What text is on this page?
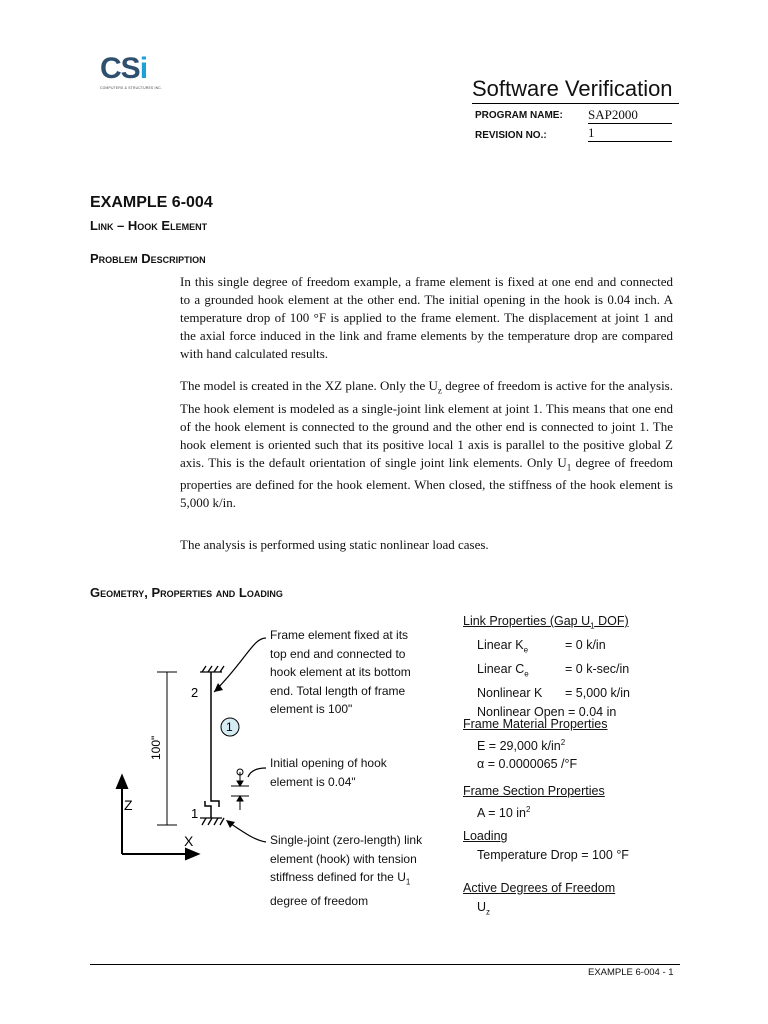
CSi
COMPUTERS & STRUCTURES INC.	Software Verification
PROGRAM NAME: SAP2000
REVISION NO.:	1
EXAMPLE 6-004
Link – Hook Element
Problem Description
In this single degree of freedom example, a frame element is fixed at one end and connected to a grounded hook element at the other end. The initial opening in the hook is 0.04 inch. A temperature drop of 100 °F is applied to the frame element. The displacement at joint 1 and the axial force induced in the link and frame elements by the temperature drop are compared with hand calculated results.
The model is created in the XZ plane. Only the $U_z$ degree of freedom is active for the analysis. The hook element is modeled as a single-joint link element at joint 1. This means that one end of the hook element is connected to the ground and the other end is connected to joint 1. The hook element is oriented such that its positive local 1 axis is parallel to the positive global Z axis. This is the default orientation of single joint link elements. Only $U_1$ degree of freedom properties are defined for the hook element. When closed, the stiffness of the hook element is 5,000 k/in.
The analysis is performed using static nonlinear load cases.
Geometry, Properties and Loading
100"
1
2
1
Z
X
Frame element fixed at its
top end and connected to
hook element at its bottom
end. Total length of frame
element is 100"
Initial opening of hook
element is 0.04"
Single-joint (zero-length) link
element (hook) with tension
stiffness defined for the $U_1$
degree of freedom
Link Properties (Gap $U_1$ DOF)
Linear $K_e$	= 0 k/in
Linear $C_e$	= 0 k-sec/in
Nonlinear K = 5,000 k/in
Nonlinear Open = 0.04 in
Frame Material Properties
E = 29,000 $k/in^2$
α = 0.0000065 /°F
Frame Section Properties
A = 10 $in^2$
Loading
Temperature Drop = 100 °F
Active Degrees of Freedom
$U_z$
EXAMPLE 6-004 - 1
